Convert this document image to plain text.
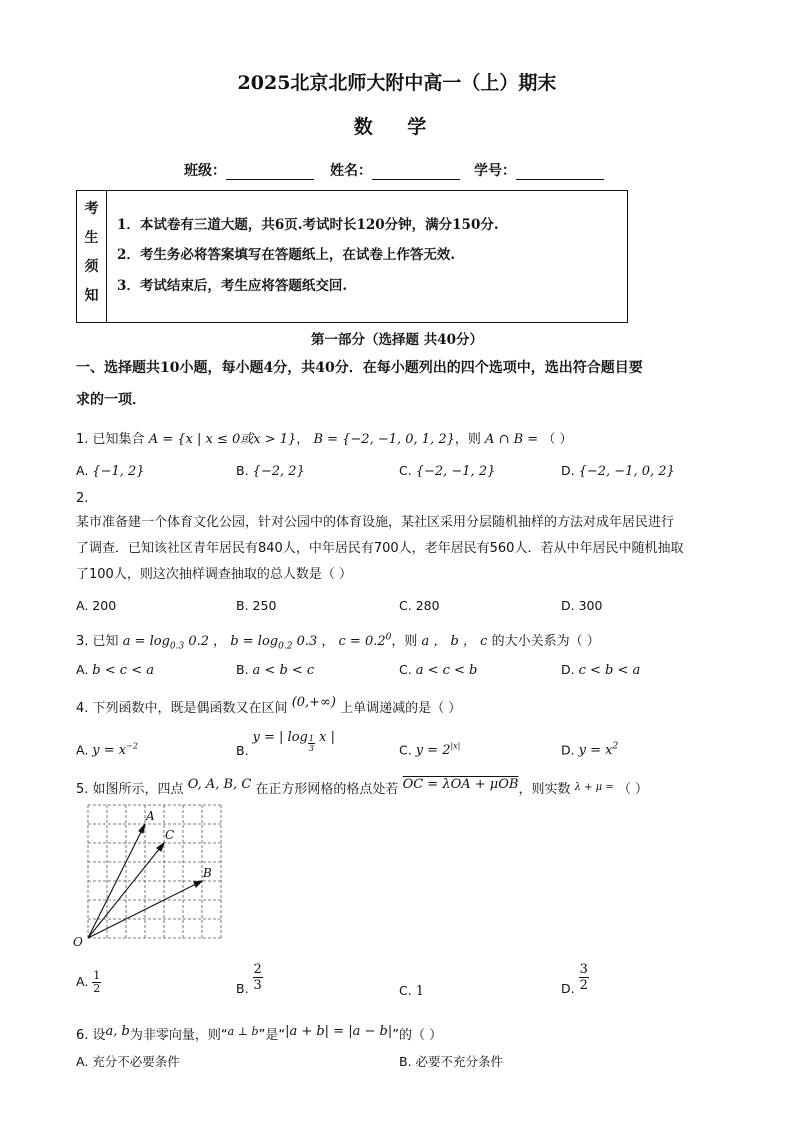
2025北京北师大附中高一（上）期末
数 学
班级：	姓名：	学号：
考
生
须
知
1．本试卷有三道大题，共6页.考试时长120分钟，满分150分.
2．考生务必将答案填写在答题纸上，在试卷上作答无效.
3．考试结束后，考生应将答题纸交回.
第一部分（选择题 共40分）
一、选择题共10小题，每小题4分，共40分．在每小题列出的四个选项中，选出符合题目要
求的一项．
1. 已知集合 A = {x | x ≤ 0或x > 1}， B = {−2, −1, 0, 1, 2}，则 A ∩ B = （ ）
A. {−1, 2}	B. {−2, 2}	C. {−2, −1, 2}	D. {−2, −1, 0, 2}
2.
某市准备建一个体育文化公园，针对公园中的体育设施，某社区采用分层随机抽样的方法对成年居民进行
了调查．已知该社区青年居民有840人，中年居民有700人，老年居民有560人．若从中年居民中随机抽取
了100人，则这次抽样调查抽取的总人数是（ ）
A. 200	B. 250	C. 280	D. 300
3. 已知 $a = \log_{0.3} 0.2$ ， $b = \log_{0.2} 0.3$ ， $c = 0.2^0$，则 a ， b ， c 的大小关系为（ ）
A. b < c < a	B. a < b < c	C. a < c < b	D. c < b < a
4. 下列函数中，既是偶函数又在区间 (0,+∞) 上单调递减的是（ ）
A. $y = x^{-2}$	B. y = | $\log \frac{1}{3}$ x |
C. $y = 2^{|x|}$	D. $y = x^2$
5. 如图所示，四点 O, A, B, C 在正方形网格的格点处若 OC = λOA + μOB，则实数 $^{\lambda + \mu =}$ （ ）
O
A
C
B
A. $\frac{1}{2}$	B. $\frac{2}{3}$	C. 1	D. $\frac{3}{2}$
6. 设a, b为非零向量，则“$^{a \perp b}$”是“|a + b| = |a − b|”的（ ）
A. 充分不必要条件	B. 必要不充分条件
